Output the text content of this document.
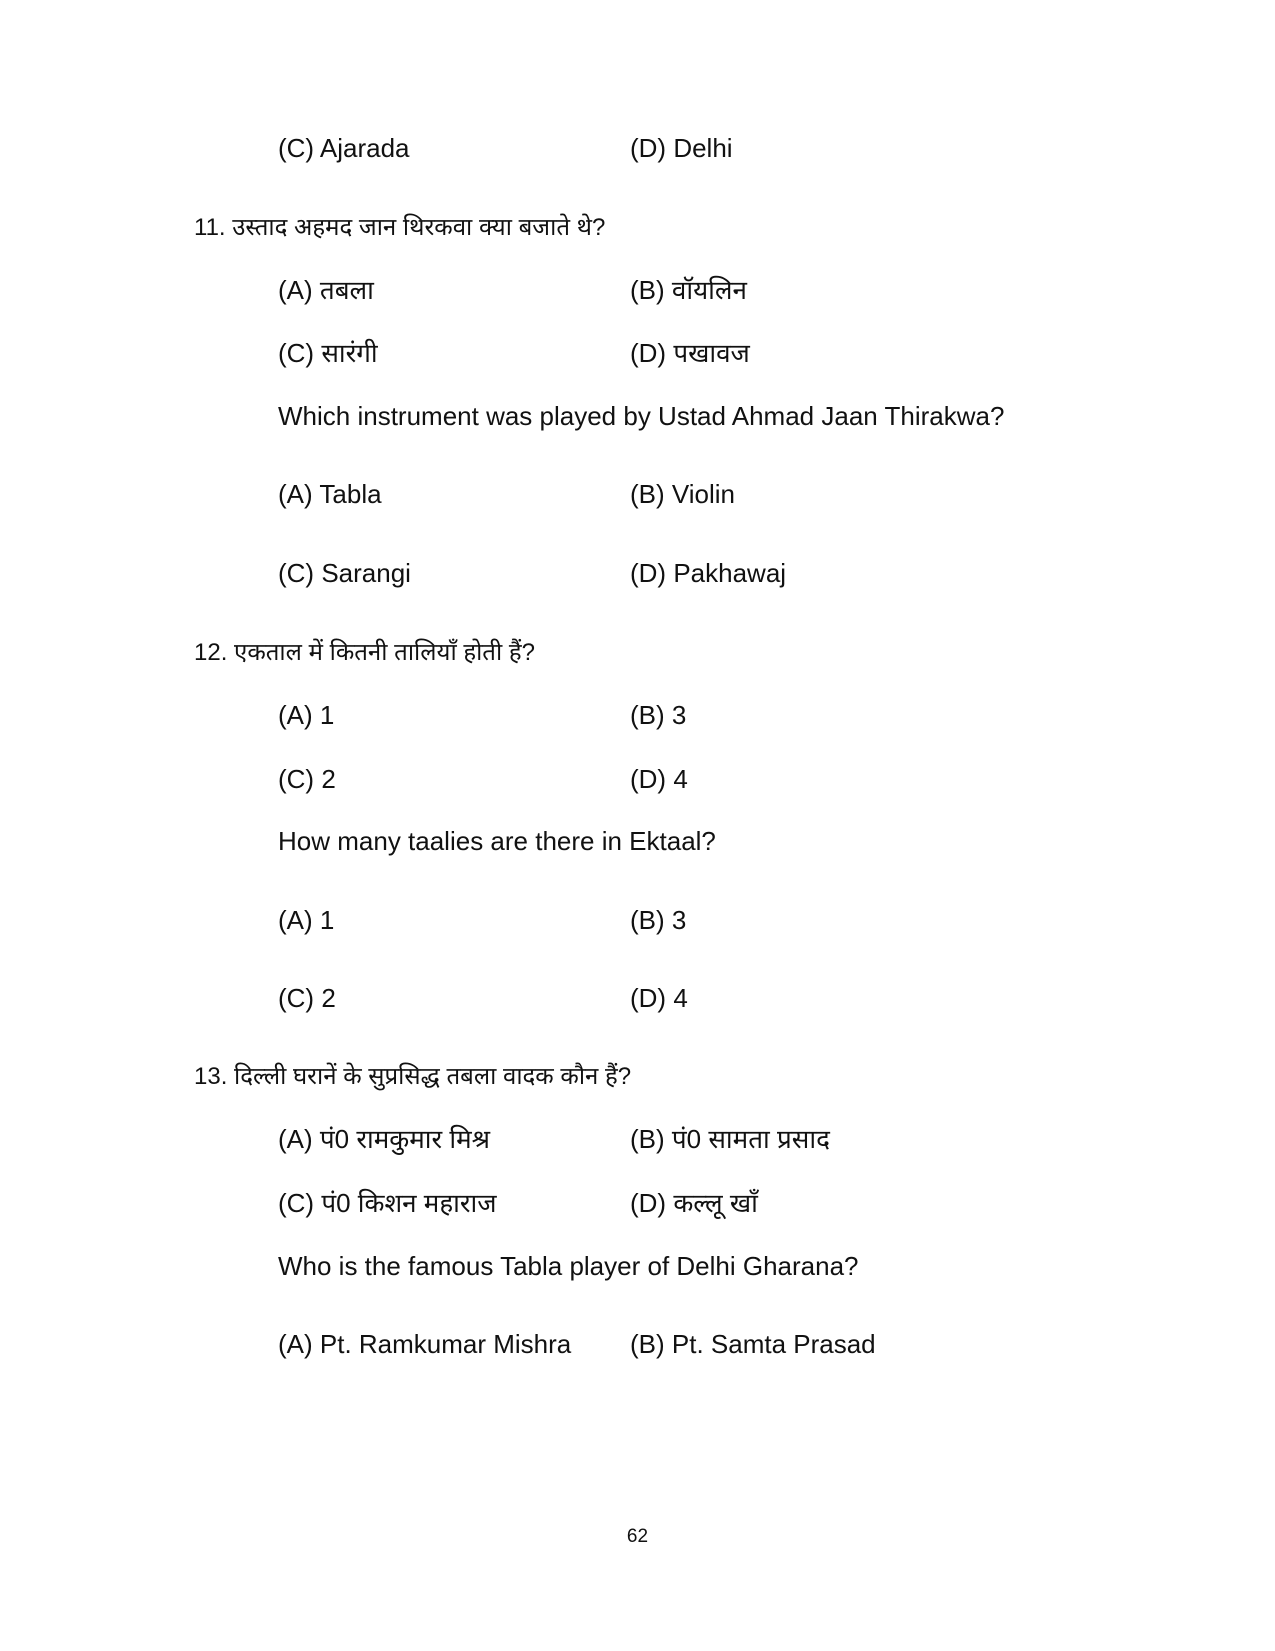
(C) Ajarada	(D) Delhi
11. उस्ताद अहमद जान थिरकवा क्या बजाते थे?
(A) तबला	(B) वॉयलिन
(C) सारंगी	(D) पखावज
Which instrument was played by Ustad Ahmad Jaan Thirakwa?
(A) Tabla	(B) Violin
(C) Sarangi	(D) Pakhawaj
12. एकताल में कितनी तालियाँ होती हैं?
(A) 1	(B) 3
(C) 2	(D) 4
How many taalies are there in Ektaal?
(A) 1	(B) 3
(C) 2	(D) 4
13. दिल्ली घरानें के सुप्रसिद्ध तबला वादक कौन हैं?
(A) पं0 रामकुमार मिश्र	(B) पं0 सामता प्रसाद
(C) पं0 किशन महाराज	(D) कल्लू खाँ
Who is the famous Tabla player of Delhi Gharana?
(A) Pt. Ramkumar Mishra (B) Pt. Samta Prasad
62
